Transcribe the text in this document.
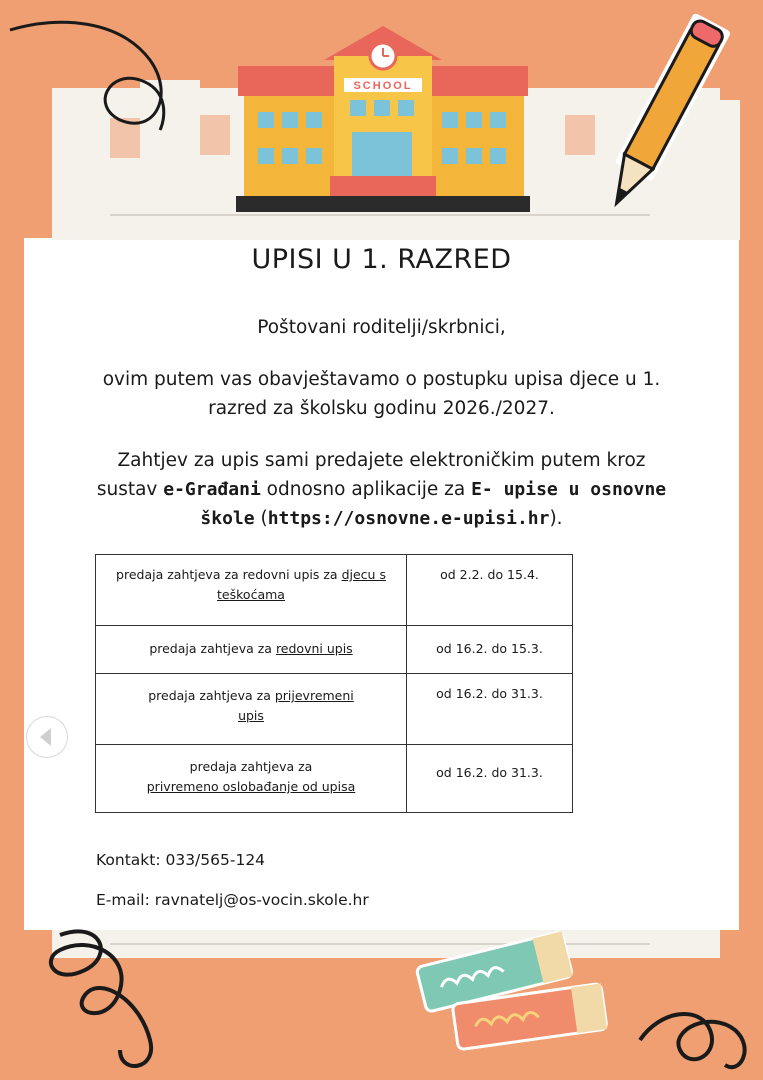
SCHOOL
UPISI U 1. RAZRED
Poštovani roditelji/skrbnici,
ovim putem vas obavještavamo o postupku upisa djece u 1. razred za školsku godinu 2026./2027.
Zahtjev za upis sami predajete elektroničkim putem kroz sustav e-Građani odnosno aplikacije za E- upise u osnovne škole (https://osnovne.e-upisi.hr).
predaja zahtjeva za redovni upis za djecu s teškoćama	od 2.2. do 15.4.
predaja zahtjeva za redovni upis	od 16.2. do 15.3.
predaja zahtjeva za prijevremeni upis	od 16.2. do 31.3.
predaja zahtjeva za
privremeno oslobađanje od upisa	od 16.2. do 31.3.
Kontakt: 033/565-124
E-mail: ravnatelj@os-vocin.skole.hr
